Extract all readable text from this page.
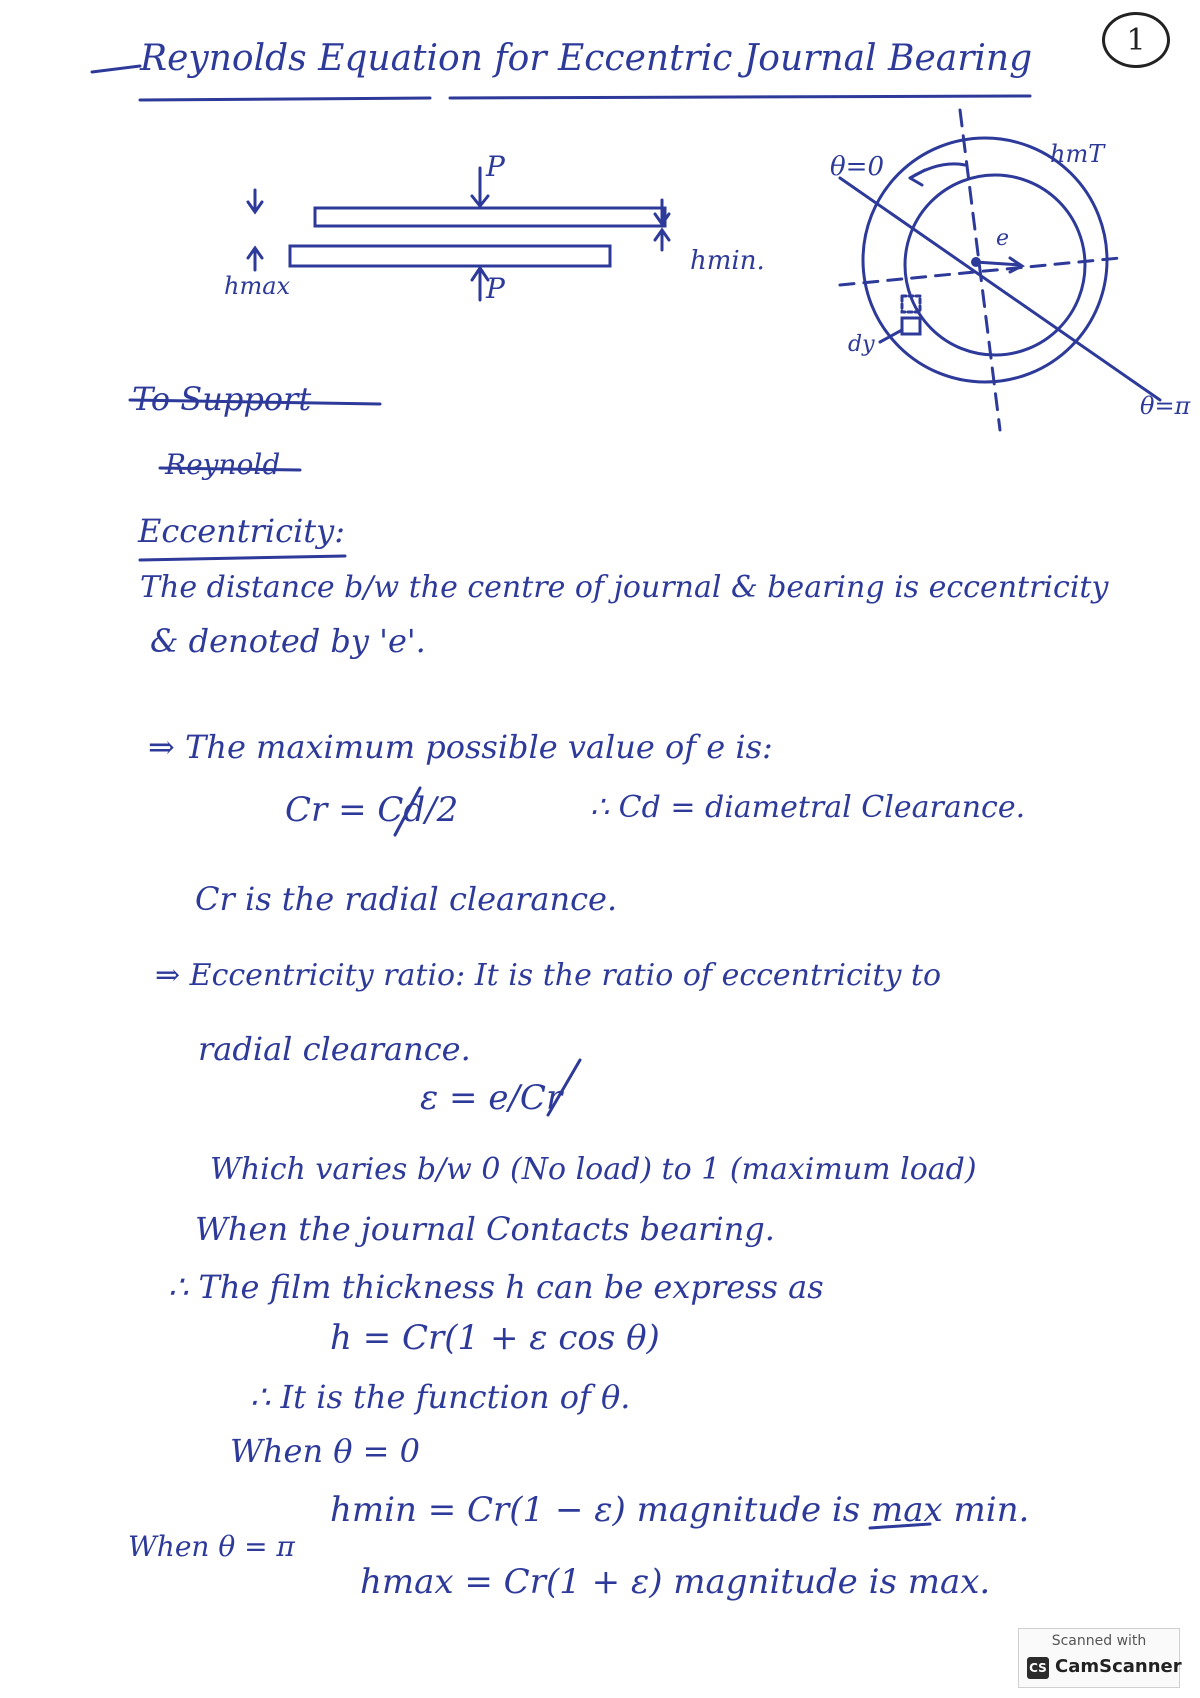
1
Reynolds Equation for Eccentric Journal Bearing
P
P
hmax
hmin.
θ=0
θ=π
hmT
dy
e
To Support
Reynold
Eccentricity:
The distance b/w the centre of journal & bearing is eccentricity
& denoted by 'e'.
⇒ The maximum possible value of e is:
Cr = Cd/2	∴ Cd = diametral Clearance.
Cr is the radial clearance.
⇒ Eccentricity ratio: It is the ratio of eccentricity to
radial clearance.
ε = e/Cr
Which varies b/w 0 (No load) to 1 (maximum load)
When the journal Contacts bearing.
∴ The film thickness h can be express as
h = Cr(1 + ε cos θ)
∴ It is the function of θ.
When θ = 0
hmin = Cr(1 − ε) magnitude is max min.
When θ = π
hmax = Cr(1 + ε) magnitude is max.
Scanned with
CS CamScanner
